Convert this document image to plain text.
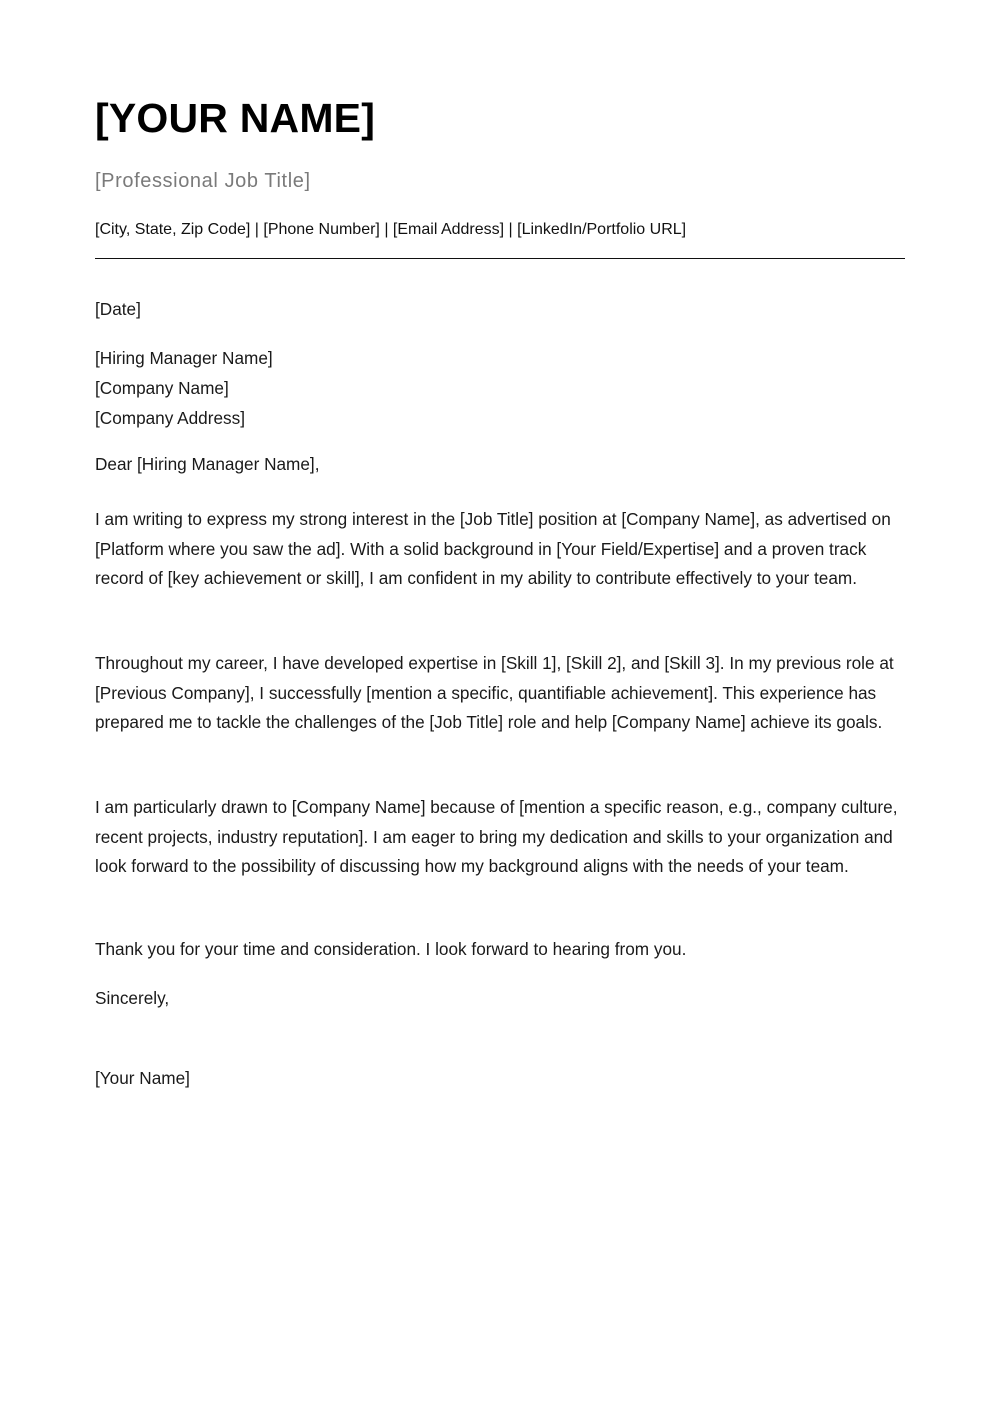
[YOUR NAME]
[Professional Job Title]
[City, State, Zip Code] | [Phone Number] | [Email Address] | [LinkedIn/Portfolio URL]
[Date]
[Hiring Manager Name]
[Company Name]
[Company Address]
Dear [Hiring Manager Name],

I am writing to express my strong interest in the [Job Title] position at [Company Name], as advertised on [Platform where you saw the ad]. With a solid background in [Your Field/Expertise] and a proven track record of [key achievement or skill], I am confident in my ability to contribute effectively to your team.

Throughout my career, I have developed expertise in [Skill 1], [Skill 2], and [Skill 3]. In my previous role at [Previous Company], I successfully [mention a specific, quantifiable achievement]. This experience has prepared me to tackle the challenges of the [Job Title] role and help [Company Name] achieve its goals.

I am particularly drawn to [Company Name] because of [mention a specific reason, e.g., company culture, recent projects, industry reputation]. I am eager to bring my dedication and skills to your organization and look forward to the possibility of discussing how my background aligns with the needs of your team.

Thank you for your time and consideration. I look forward to hearing from you.

Sincerely,
[Your Name]
